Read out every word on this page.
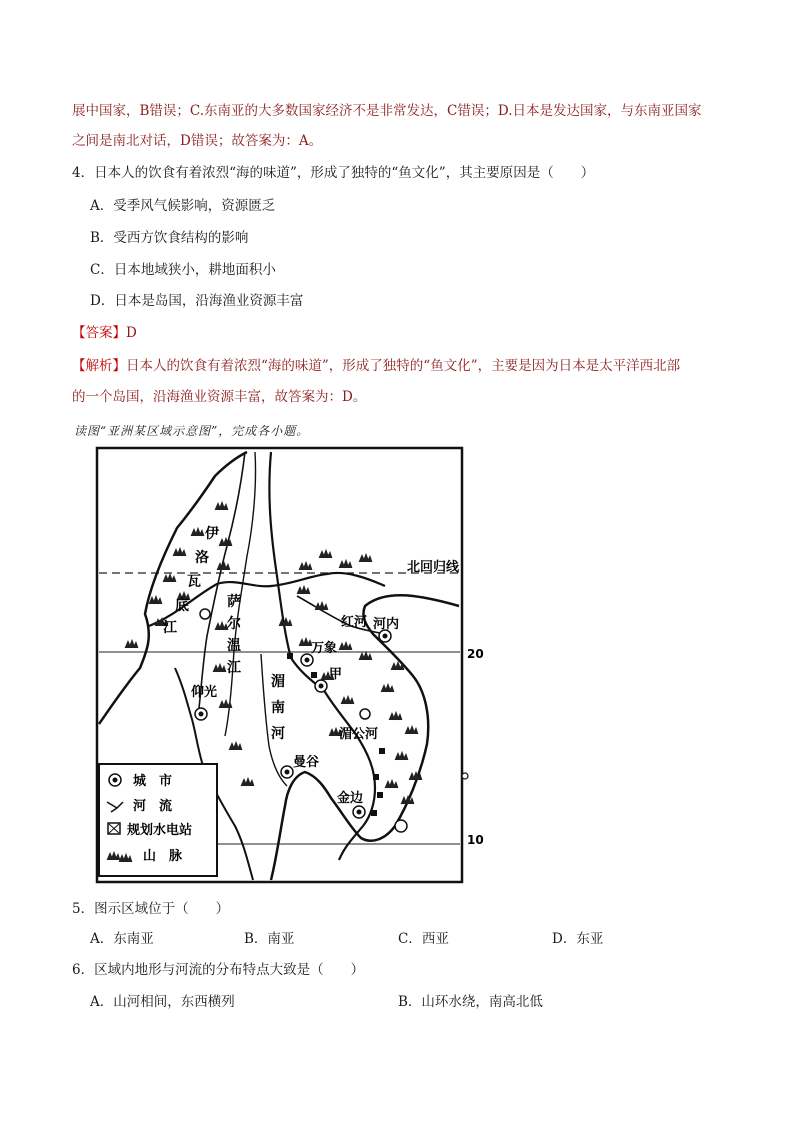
展中国家，B错误；C.东南亚的大多数国家经济不是非常发达，C错误；D.日本是发达国家，与东南亚国家
之间是南北对话，D错误；故答案为：A。
4．日本人的饮食有着浓烈“海的味道”，形成了独特的“鱼文化”，其主要原因是（　　）
A．受季风气候影响，资源匮乏
B．受西方饮食结构的影响
C．日本地域狭小，耕地面积小
D．日本是岛国，沿海渔业资源丰富
【答案】D
【解析】日本人的饮食有着浓烈“海的味道”，形成了独特的“鱼文化”，主要是因为日本是太平洋西北部
的一个岛国，沿海渔业资源丰富，故答案为：D。
读图“亚洲某区域示意图”，完成各小题。
北回归线
20
10
伊
洛
瓦
底
江
萨
尔
温
江
湄
南
河
红河 河内
万象
甲
湄公河
仰光
曼谷
金边
城　市
河　流
规划水电站
山　脉
5．图示区域位于（　　）
A．东南亚	B．南亚	C．西亚	D．东亚
6．区域内地形与河流的分布特点大致是（　　）
A．山河相间，东西横列	B．山环水绕，南高北低
